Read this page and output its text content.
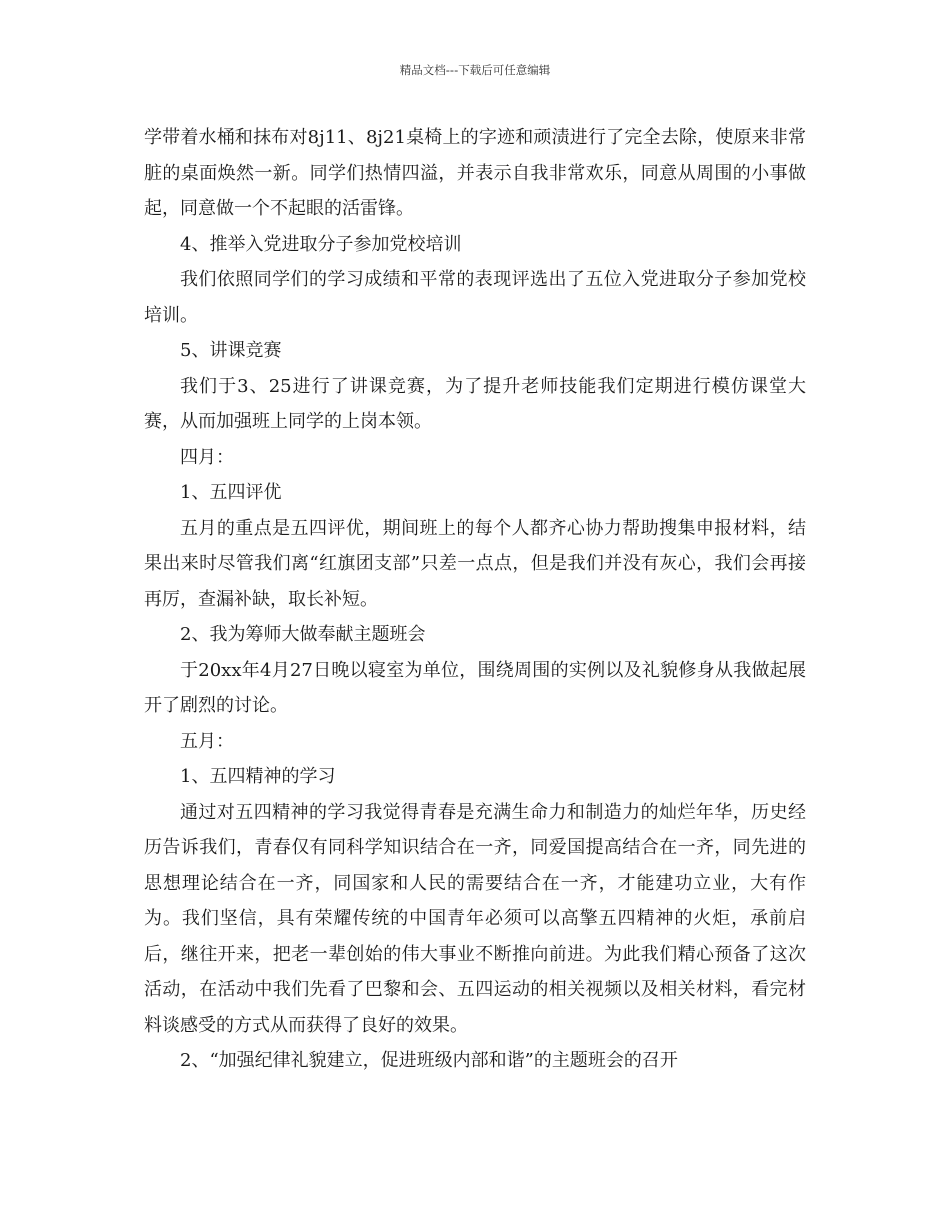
精品文档---下载后可任意编辑

学带着水桶和抹布对8j11、8j21桌椅上的字迹和顽渍进行了完全去除，使原来非常脏的桌面焕然一新。同学们热情四溢，并表示自我非常欢乐，同意从周围的小事做起，同意做一个不起眼的活雷锋。

4、推举入党进取分子参加党校培训

我们依照同学们的学习成绩和平常的表现评选出了五位入党进取分子参加党校培训。

5、讲课竞赛

我们于3、25进行了讲课竞赛，为了提升老师技能我们定期进行模仿课堂大赛，从而加强班上同学的上岗本领。

四月：

1、五四评优

五月的重点是五四评优，期间班上的每个人都齐心协力帮助搜集申报材料，结果出来时尽管我们离“红旗团支部”只差一点点，但是我们并没有灰心，我们会再接再厉，查漏补缺，取长补短。

2、我为筹师大做奉献主题班会

于20xx年4月27日晚以寝室为单位，围绕周围的实例以及礼貌修身从我做起展开了剧烈的讨论。

五月：

1、五四精神的学习

通过对五四精神的学习我觉得青春是充满生命力和制造力的灿烂年华，历史经历告诉我们，青春仅有同科学知识结合在一齐，同爱国提高结合在一齐，同先进的思想理论结合在一齐，同国家和人民的需要结合在一齐，才能建功立业，大有作为。我们坚信，具有荣耀传统的中国青年必须可以高擎五四精神的火炬，承前启后，继往开来，把老一辈创始的伟大事业不断推向前进。为此我们精心预备了这次活动，在活动中我们先看了巴黎和会、五四运动的相关视频以及相关材料，看完材料谈感受的方式从而获得了良好的效果。

2、“加强纪律礼貌建立，促进班级内部和谐”的主题班会的召开
